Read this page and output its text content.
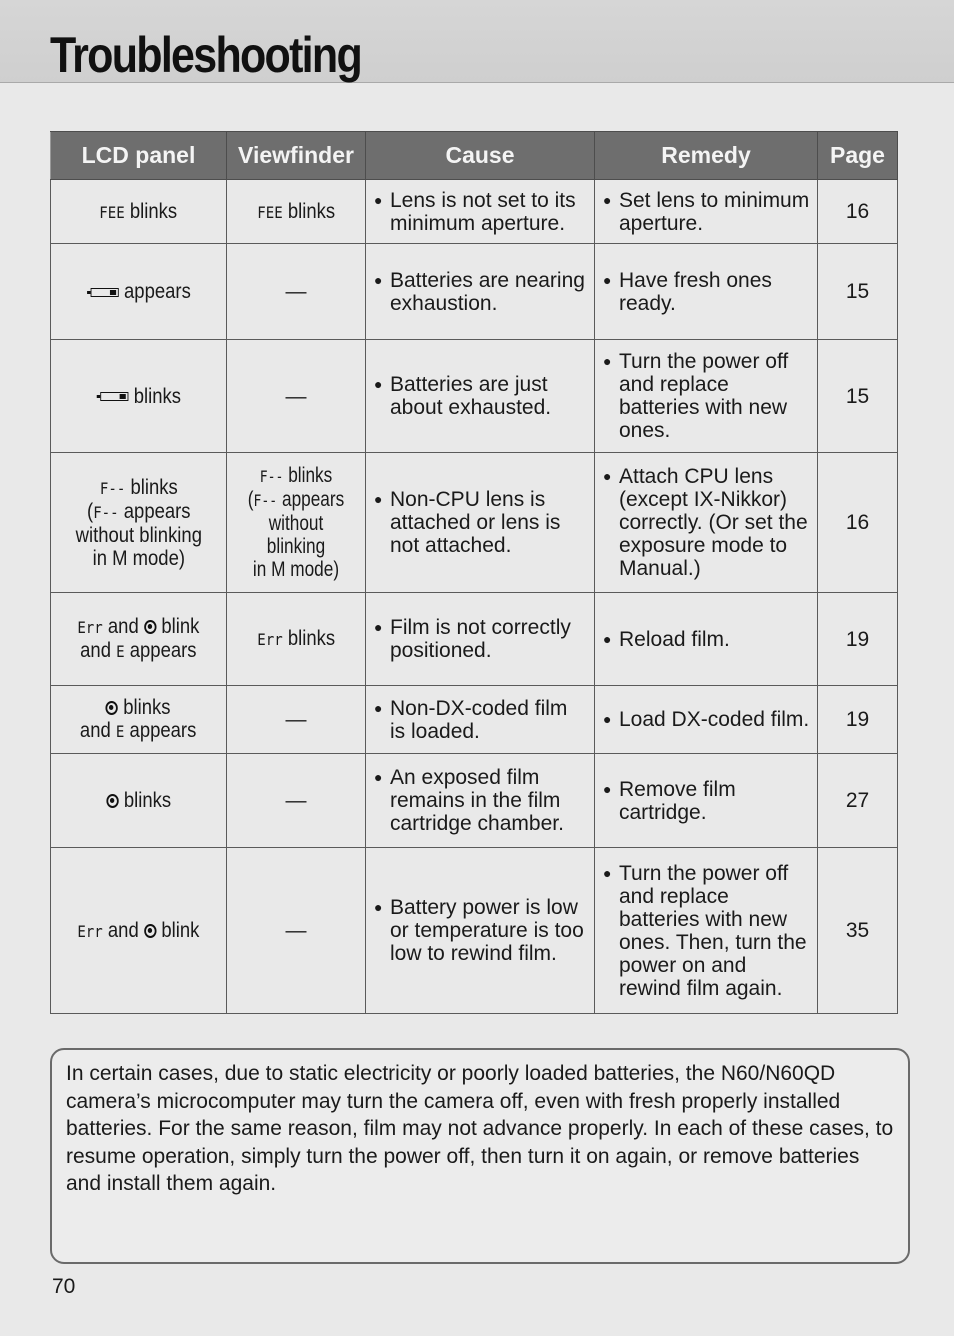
Troubleshooting
LCD panel	Viewfinder	Cause	Remedy	Page
FEE blinks	FEE blinks	● Lens is not set to its minimum aperture.	● Set lens to minimum aperture.	16

appears	—	● Batteries are nearing exhaustion.	● Have fresh ones ready.	15

blinks	—	● Batteries are just about exhausted.	● Turn the power off and replace batteries with new ones.	15
F-- blinks
(F-- appears
without blinking
in M mode)	F-- blinks
(F-- appears
without blinking
in M mode)	● Non-CPU lens is attached or lens is not attached.	● Attach CPU lens (except IX-Nikkor) correctly. (Or set the exposure mode to Manual.)	16
Err and blink
and E appears	Err blinks	● Film is not correctly positioned.	● Reload film.	19
blinks
and E appears	—	● Non-DX-coded film is loaded.	● Load DX-coded film.	19
blinks	—	● An exposed film remains in the film cartridge chamber.	● Remove film cartridge.	27
Err and blink	—	● Battery power is low or temperature is too low to rewind film.	● Turn the power off and replace batteries with new ones. Then, turn the power on and rewind film again.	35
In certain cases, due to static electricity or poorly loaded batteries, the N60/N60QD camera’s microcomputer may turn the camera off, even with fresh properly installed batteries. For the same reason, film may not advance properly. In each of these cases, to resume operation, simply turn the power off, then turn it on again, or remove batteries and install them again.
70
